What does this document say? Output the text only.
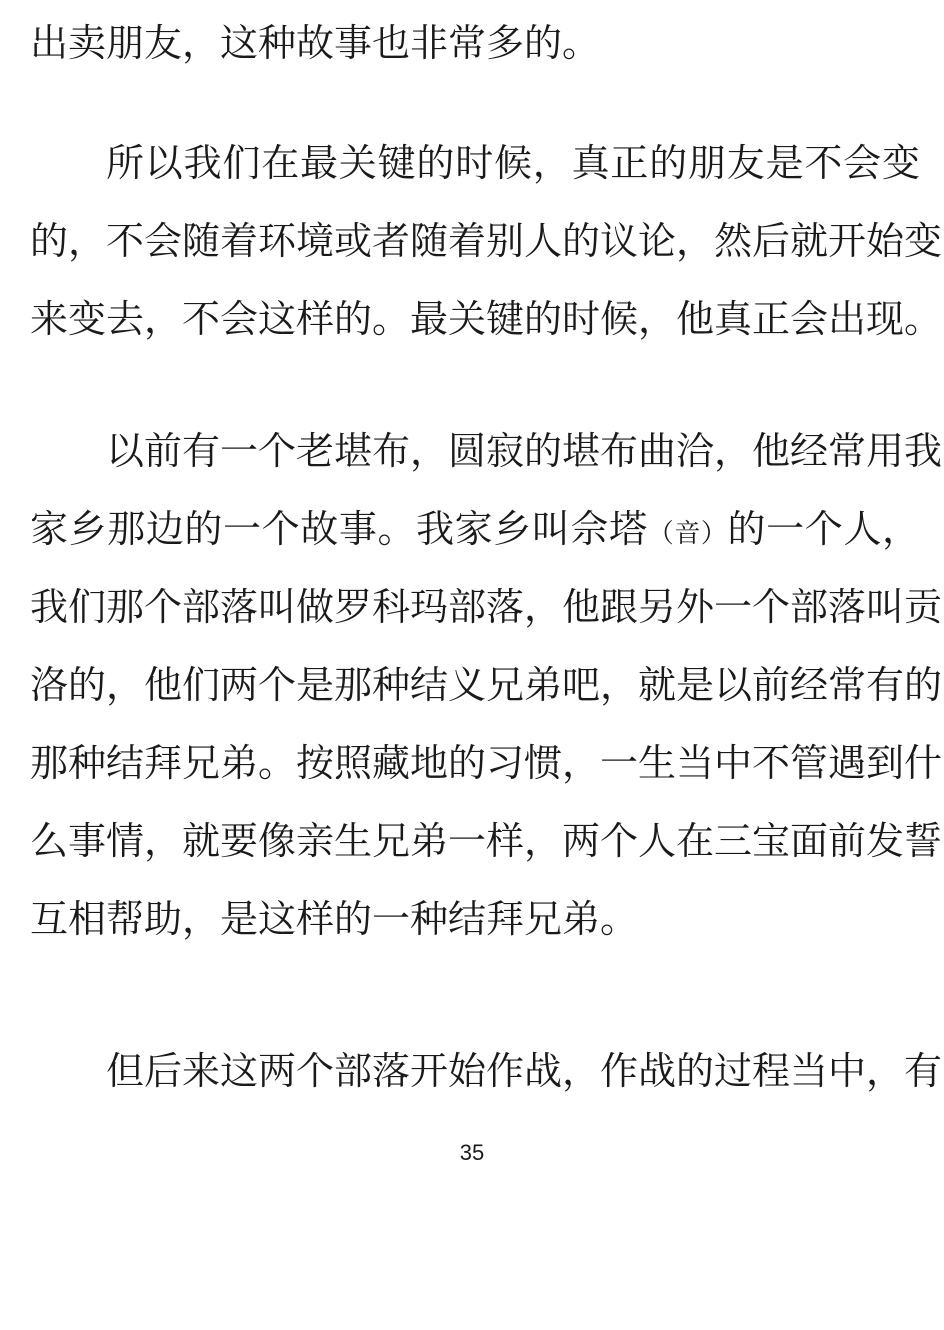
出卖朋友，这种故事也非常多的。
所以我们在最关键的时候，真正的朋友是不会变
的，不会随着环境或者随着别人的议论，然后就开始变
来变去，不会这样的。最关键的时候，他真正会出现。
以前有一个老堪布，圆寂的堪布曲洽，他经常用我
家乡那边的一个故事。我家乡叫佘塔（音）的一个人，
我们那个部落叫做罗科玛部落，他跟另外一个部落叫贡
洛的，他们两个是那种结义兄弟吧，就是以前经常有的
那种结拜兄弟。按照藏地的习惯，一生当中不管遇到什
么事情，就要像亲生兄弟一样，两个人在三宝面前发誓
互相帮助，是这样的一种结拜兄弟。
但后来这两个部落开始作战，作战的过程当中，有
35
